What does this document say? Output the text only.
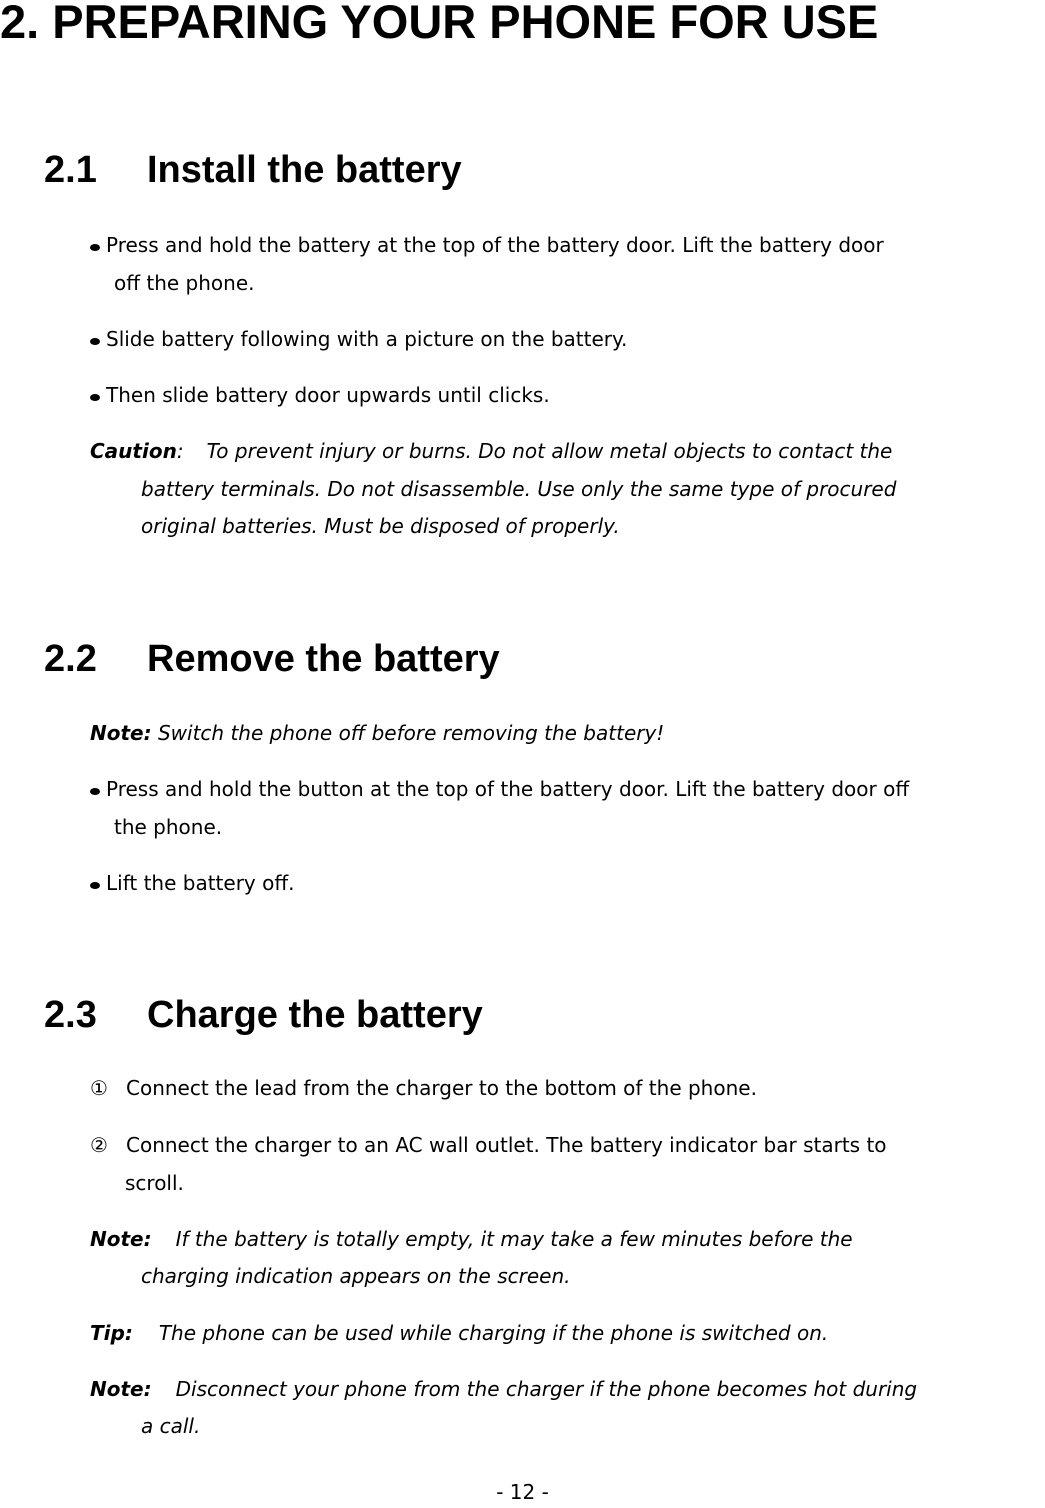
2. PREPARING YOUR PHONE FOR USE
2.1 Install the battery
Press and hold the battery at the top of the battery door. Lift the battery door
off the phone.
Slide battery following with a picture on the battery.
Then slide battery door upwards until clicks.
Caution: To prevent injury or burns. Do not allow metal objects to contact the
battery terminals. Do not disassemble. Use only the same type of procured
original batteries. Must be disposed of properly.
2.2 Remove the battery
Note: Switch the phone off before removing the battery!
Press and hold the button at the top of the battery door. Lift the battery door off
the phone.
Lift the battery off.
2.3 Charge the battery
① Connect the lead from the charger to the bottom of the phone.
② Connect the charger to an AC wall outlet. The battery indicator bar starts to
scroll.
Note: If the battery is totally empty, it may take a few minutes before the
charging indication appears on the screen.
Tip: The phone can be used while charging if the phone is switched on.
Note: Disconnect your phone from the charger if the phone becomes hot during
a call.
- 12 -
